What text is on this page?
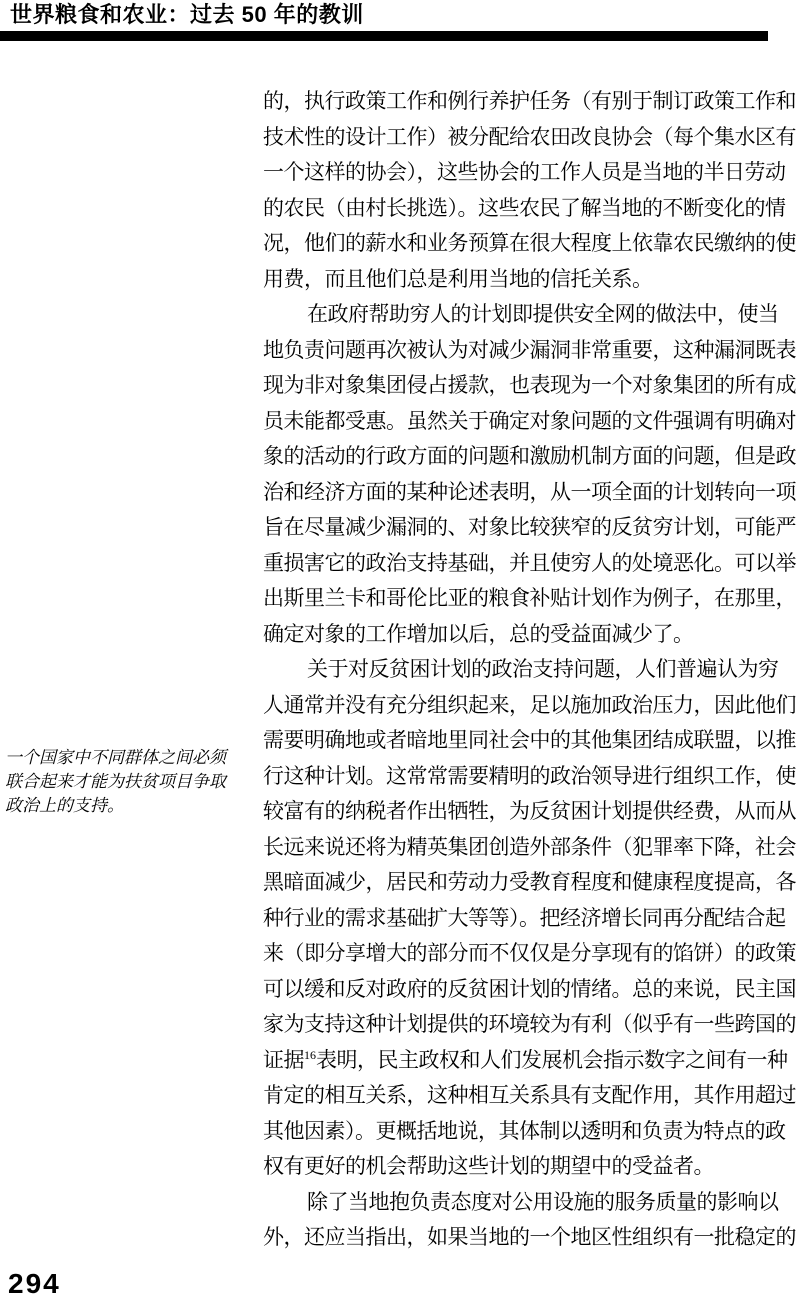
世界粮食和农业：过去 50 年的教训
一个国家中不同群体之间必须
联合起来才能为扶贫项目争取
政治上的支持。
的，执行政策工作和例行养护任务（有别于制订政策工作和
技术性的设计工作）被分配给农田改良协会（每个集水区有
一个这样的协会），这些协会的工作人员是当地的半日劳动
的农民（由村长挑选）。这些农民了解当地的不断变化的情
况，他们的薪水和业务预算在很大程度上依靠农民缴纳的使
用费，而且他们总是利用当地的信托关系。
在政府帮助穷人的计划即提供安全网的做法中，使当
地负责问题再次被认为对减少漏洞非常重要，这种漏洞既表
现为非对象集团侵占援款，也表现为一个对象集团的所有成
员未能都受惠。虽然关于确定对象问题的文件强调有明确对
象的活动的行政方面的问题和激励机制方面的问题，但是政
治和经济方面的某种论述表明，从一项全面的计划转向一项
旨在尽量减少漏洞的、对象比较狭窄的反贫穷计划，可能严
重损害它的政治支持基础，并且使穷人的处境恶化。可以举
出斯里兰卡和哥伦比亚的粮食补贴计划作为例子，在那里，
确定对象的工作增加以后，总的受益面减少了。
关于对反贫困计划的政治支持问题，人们普遍认为穷
人通常并没有充分组织起来，足以施加政治压力，因此他们
需要明确地或者暗地里同社会中的其他集团结成联盟，以推
行这种计划。这常常需要精明的政治领导进行组织工作，使
较富有的纳税者作出牺牲，为反贫困计划提供经费，从而从
长远来说还将为精英集团创造外部条件（犯罪率下降，社会
黑暗面减少，居民和劳动力受教育程度和健康程度提高，各
种行业的需求基础扩大等等）。把经济增长同再分配结合起
来（即分享增大的部分而不仅仅是分享现有的馅饼）的政策
可以缓和反对政府的反贫困计划的情绪。总的来说，民主国
家为支持这种计划提供的环境较为有利（似乎有一些跨国的
证据$^{16}$表明，民主政权和人们发展机会指示数字之间有一种
肯定的相互关系，这种相互关系具有支配作用，其作用超过
其他因素）。更概括地说，其体制以透明和负责为特点的政
权有更好的机会帮助这些计划的期望中的受益者。
除了当地抱负责态度对公用设施的服务质量的影响以
外，还应当指出，如果当地的一个地区性组织有一批稳定的
294
